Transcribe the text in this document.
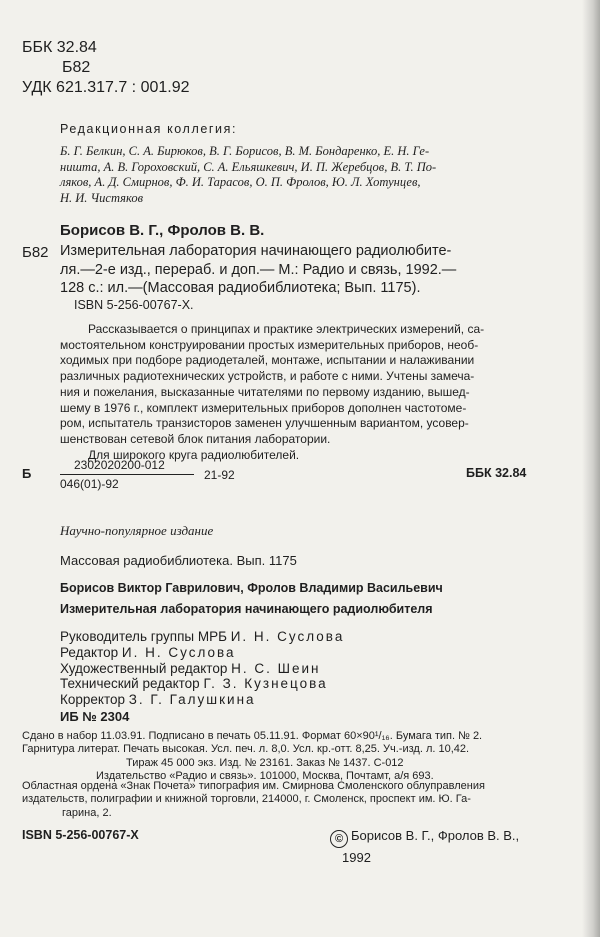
ББК 32.84
Б82
УДК 621.317.7 : 001.92
Редакционная коллегия:
Б. Г. Белкин, С. А. Бирюков, В. Г. Борисов, В. М. Бондаренко, Е. Н. Ге-
ништа, А. В. Гороховский, С. А. Ельяшкевич, И. П. Жеребцов, В. Т. По-
ляков, А. Д. Смирнов, Ф. И. Тарасов, О. П. Фролов, Ю. Л. Хотунцев,
Н. И. Чистяков
Борисов В. Г., Фролов В. В.
Б82 Измерительная лаборатория начинающего радиолюбите-
ля.—2-е изд., перераб. и доп.— М.: Радио и связь, 1992.—
128 с.: ил.—(Массовая радиобиблиотека; Вып. 1175).
ISBN 5-256-00767-X.
Рассказывается о принципах и практике электрических измерений, са-
мостоятельном конструировании простых измерительных приборов, необ-
ходимых при подборе радиодеталей, монтаже, испытании и налаживании
различных радиотехнических устройств, и работе с ними. Учтены замеча-
ния и пожелания, высказанные читателями по первому изданию, вышед-
шему в 1976 г., комплект измерительных приборов дополнен частотоме-
ром, испытатель транзисторов заменен улучшенным вариантом, усовер-
шенствован сетевой блок питания лаборатории.
Для широкого круга радиолюбителей.
Б
2302020200-012
046(01)-92
21-92	ББК 32.84
Научно-популярное издание
Массовая радиобиблиотека. Вып. 1175
Борисов Виктор Гаврилович, Фролов Владимир Васильевич
Измерительная лаборатория начинающего радиолюбителя
Руководитель группы МРБ И. Н. Суслова
Редактор И. Н. Суслова
Художественный редактор Н. С. Шеин
Технический редактор Г. З. Кузнецова
Корректор З. Г. Галушкина
ИБ № 2304
Сдано в набор 11.03.91. Подписано в печать 05.11.91. Формат 60×90¹/₁₆. Бумага тип. № 2.
Гарнитура литерат. Печать высокая. Усл. печ. л. 8,0. Усл. кр.-отт. 8,25. Уч.-изд. л. 10,42.
Тираж 45 000 экз. Изд. № 23161. Заказ № 1437. С-012
Издательство «Радио и связь». 101000, Москва, Почтамт, а/я 693.
Областная ордена «Знак Почета» типография им. Смирнова Смоленского облуправления
издательств, полиграфии и книжной торговли, 214000, г. Смоленск, проспект им. Ю. Га-
гарина, 2.
ISBN 5-256-00767-X	© Борисов В. Г., Фролов В. В.,
1992
